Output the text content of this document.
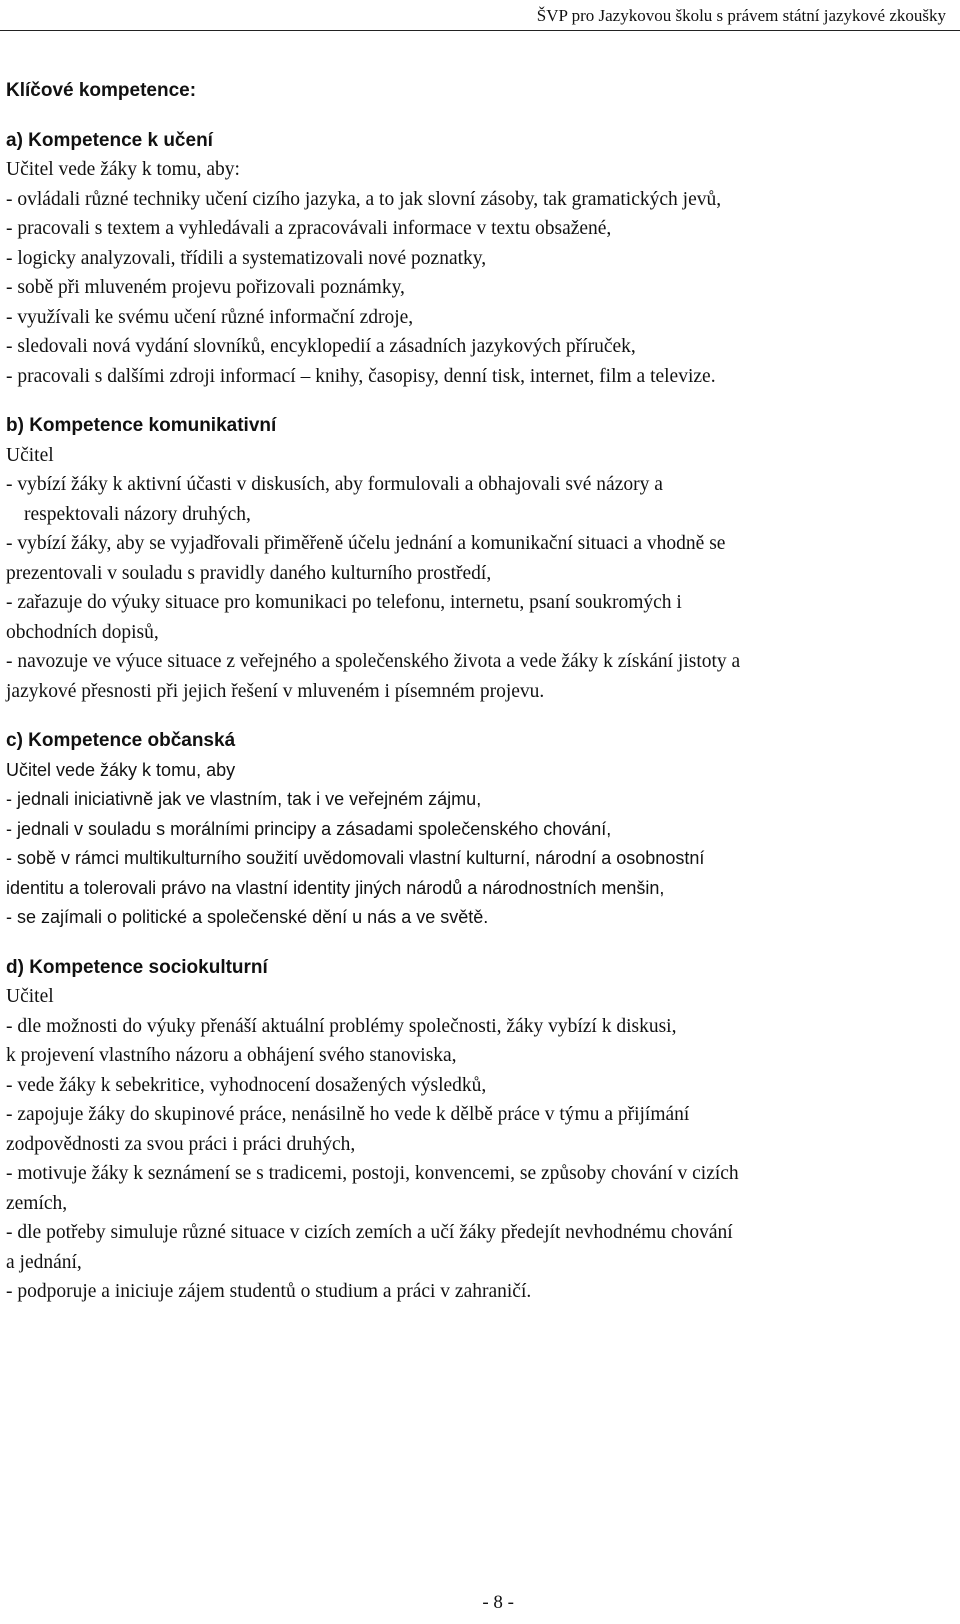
ŠVP pro Jazykovou školu s právem státní jazykové zkoušky
Klíčové kompetence:
a) Kompetence k učení
Učitel vede žáky k tomu, aby:
- ovládali různé techniky učení cizího jazyka, a to jak slovní zásoby, tak gramatických jevů,
- pracovali s textem a vyhledávali a zpracovávali informace v textu obsažené,
- logicky analyzovali, třídili a systematizovali nové poznatky,
- sobě při mluveném projevu pořizovali poznámky,
- využívali ke svému učení různé informační zdroje,
- sledovali nová vydání slovníků, encyklopedií a zásadních jazykových příruček,
- pracovali s dalšími zdroji informací – knihy, časopisy, denní tisk, internet, film a televize.
b) Kompetence komunikativní
Učitel
- vybízí žáky k aktivní účasti v diskusích, aby formulovali a obhajovali své názory a
respektovali názory druhých,
- vybízí žáky, aby se vyjadřovali přiměřeně účelu jednání a komunikační situaci a vhodně se
prezentovali v souladu s pravidly daného kulturního prostředí,
- zařazuje do výuky situace pro komunikaci po telefonu, internetu, psaní soukromých i
obchodních dopisů,
- navozuje ve výuce situace z veřejného a společenského života a vede žáky k získání jistoty a
jazykové přesnosti při jejich řešení v mluveném i písemném projevu.
c) Kompetence občanská
Učitel vede žáky k tomu, aby
- jednali iniciativně jak ve vlastním, tak i ve veřejném zájmu,
- jednali v souladu s morálními principy a zásadami společenského chování,
- sobě v rámci multikulturního soužití uvědomovali vlastní kulturní, národní a osobnostní
identitu a tolerovali právo na vlastní identity jiných národů a národnostních menšin,
- se zajímali o politické a společenské dění u nás a ve světě.
d) Kompetence sociokulturní
Učitel
- dle možnosti do výuky přenáší aktuální problémy společnosti, žáky vybízí k diskusi,
k projevení vlastního názoru a obhájení svého stanoviska,
- vede žáky k sebekritice, vyhodnocení dosažených výsledků,
- zapojuje žáky do skupinové práce, nenásilně ho vede k dělbě práce v týmu a přijímání
zodpovědnosti za svou práci i práci druhých,
- motivuje žáky k seznámení se s tradicemi, postoji, konvencemi, se způsoby chování v cizích
zemích,
- dle potřeby simuluje různé situace v cizích zemích a učí žáky předejít nevhodnému chování
a jednání,
- podporuje a iniciuje zájem studentů o studium a práci v zahraničí.
- 8 -
